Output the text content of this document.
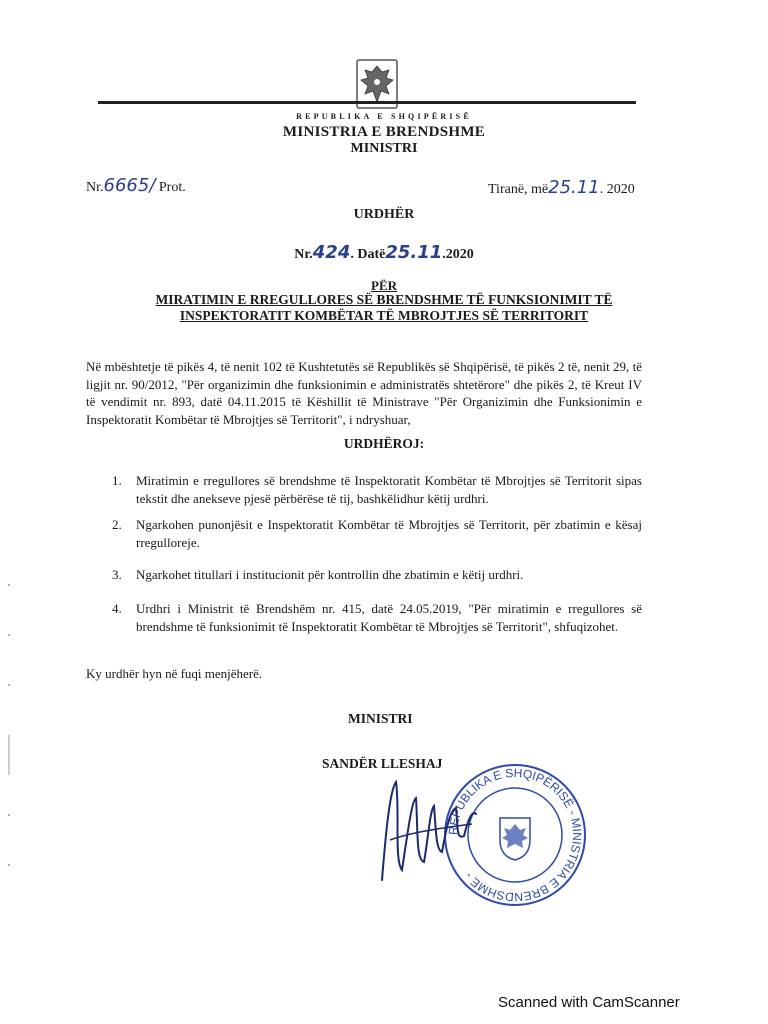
REPUBLIKA E SHQIPËRISË
MINISTRIA E BRENDSHME
MINISTRI
Nr.6665/ Prot.	Tiranë, më25.11. 2020
URDHËR
Nr.424. Datë25.11.2020
PËR
MIRATIMIN E RREGULLORES SË BRENDSHME TË FUNKSIONIMIT TË
INSPEKTORATIT KOMBËTAR TË MBROJTJES SË TERRITORIT
Në mbështetje të pikës 4, të nenit 102 të Kushtetutës së Republikës së Shqipërisë, të pikës 2 të, nenit 29, të ligjit nr. 90/2012, "Për organizimin dhe funksionimin e administratës shtetërore" dhe pikës 2, të Kreut IV të vendimit nr. 893, datë 04.11.2015 të Këshillit të Ministrave "Për Organizimin dhe Funksionimin e Inspektoratit Kombëtar të Mbrojtjes së Territorit", i ndryshuar,
URDHËROJ:
1.	Miratimin e rregullores së brendshme të Inspektoratit Kombëtar të Mbrojtjes së Territorit sipas tekstit dhe anekseve pjesë përbërëse të tij, bashkëlidhur këtij urdhri.
2.	Ngarkohen punonjësit e Inspektoratit Kombëtar të Mbrojtjes së Territorit, për zbatimin e kësaj rregulloreje.
3.	Ngarkohet titullari i institucionit për kontrollin dhe zbatimin e këtij urdhri.
4.	Urdhri i Ministrit të Brendshëm nr. 415, datë 24.05.2019, "Për miratimin e rregullores së brendshme të funksionimit të Inspektoratit Kombëtar të Mbrojtjes së Territorit", shfuqizohet.
Ky urdhër hyn në fuqi menjëherë.
MINISTRI
SANDËR LLESHAJ
REPUBLIKA E SHQIPËRISË - MINISTRIA E BRENDSHME -
Scanned with CamScanner
